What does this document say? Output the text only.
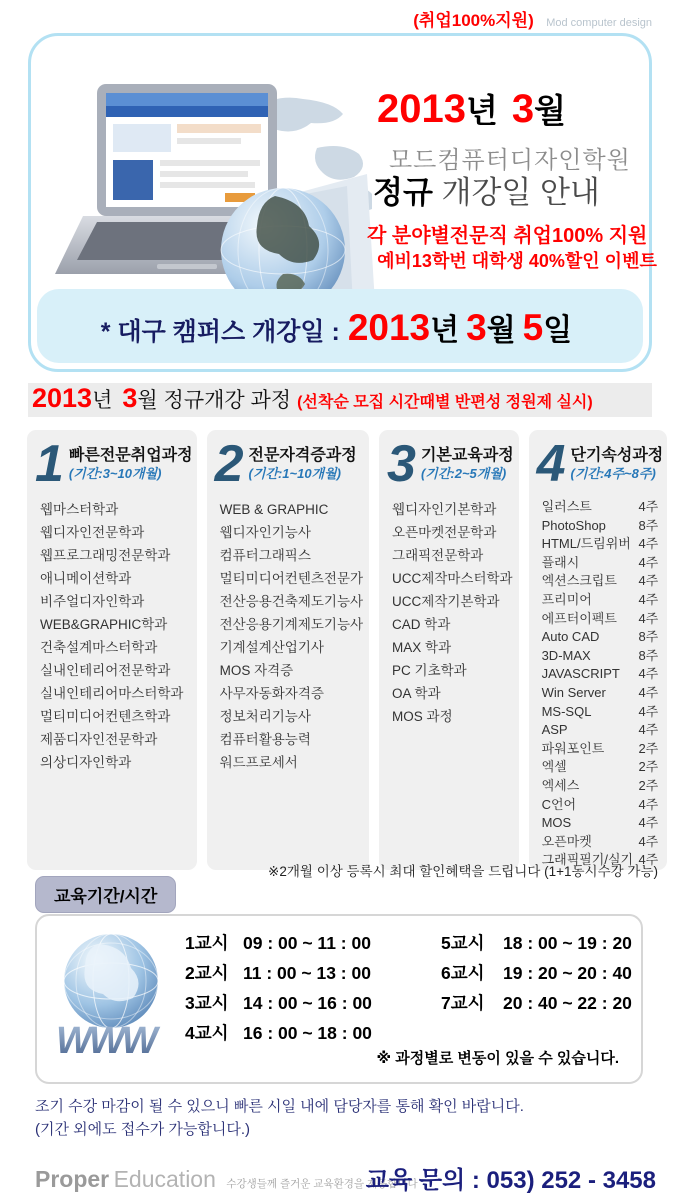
(취업100%지원) Mod computer design
2013년 3월
모드컴퓨터디자인학원
정규 개강일 안내
각 분야별전문직 취업100% 지원
예비13학번 대학생 40%할인 이벤트
* 대구 캠퍼스 개강일 : 2013 년 3 월 5 일
2013 년 3 월 정규개강 과정 (선착순 모집 시간때별 반편성 정원제 실시)
1 빠른전문취업과정
(기간:3~10개월)
웹마스터학과
웹디자인전문학과
웹프로그래밍전문학과
애니메이션학과
비주얼디자인학과
WEB&GRAPHIC학과
건축설계마스터학과
실내인테리어전문학과
실내인테리어마스터학과
멀티미디어컨텐츠학과
제품디자인전문학과
의상디자인학과
2 전문자격증과정
(기간:1~10개월)
WEB & GRAPHIC
웹디자인기능사
컴퓨터그래픽스
멀티미디어컨텐츠전문가
전산응용건축제도기능사
전산응용기계제도기능사
기계설계산업기사
MOS 자격증
사무자동화자격증
정보처리기능사
컴퓨터활용능력
워드프로세서
3 기본교육과정
(기간:2~5개월)
웹디자인기본학과
오픈마켓전문학과
그래픽전문학과
UCC제작마스터학과
UCC제작기본학과
CAD 학과
MAX 학과
PC 기초학과
OA 학과
MOS 과정
4 단기속성과정
(기간:4주~8주)
일러스트	4주
PhotoShop	8주
HTML/드림위버 4주
플래시	4주
엑션스크립트 4주
프리미어	4주
에프터이펙트 4주
Auto CAD	8주
3D-MAX	8주
JAVASCRIPT 4주
Win Server	4주
MS-SQL	4주
ASP	4주
파워포인트	2주
엑셀	2주
엑세스	2주
C언어	4주
MOS	4주
오픈마켓	4주
그래픽필기/실기 4주
※2개월 이상 등록시 최대 할인혜택을 드립니다 (1+1동시수강 가능)
교육기간/시간
WWW
1교시 09 : 00 ~ 11 : 00	5교시	18 : 00 ~ 19 : 20
2교시 11 : 00 ~ 13 : 00	6교시	19 : 20 ~ 20 : 40
3교시 14 : 00 ~ 16 : 00	7교시	20 : 40 ~ 22 : 20
4교시 16 : 00 ~ 18 : 00
※ 과정별로 변동이 있을 수 있습니다.
조기 수강 마감이 될 수 있으니 빠른 시일 내에 담당자를 통해 확인 바랍니다.
(기간 외에도 접수가 가능합니다.)
Proper Education 수강생들께 즐거운 교육환경을 제공합니다
교육 문의 : 053) 252 - 3458
